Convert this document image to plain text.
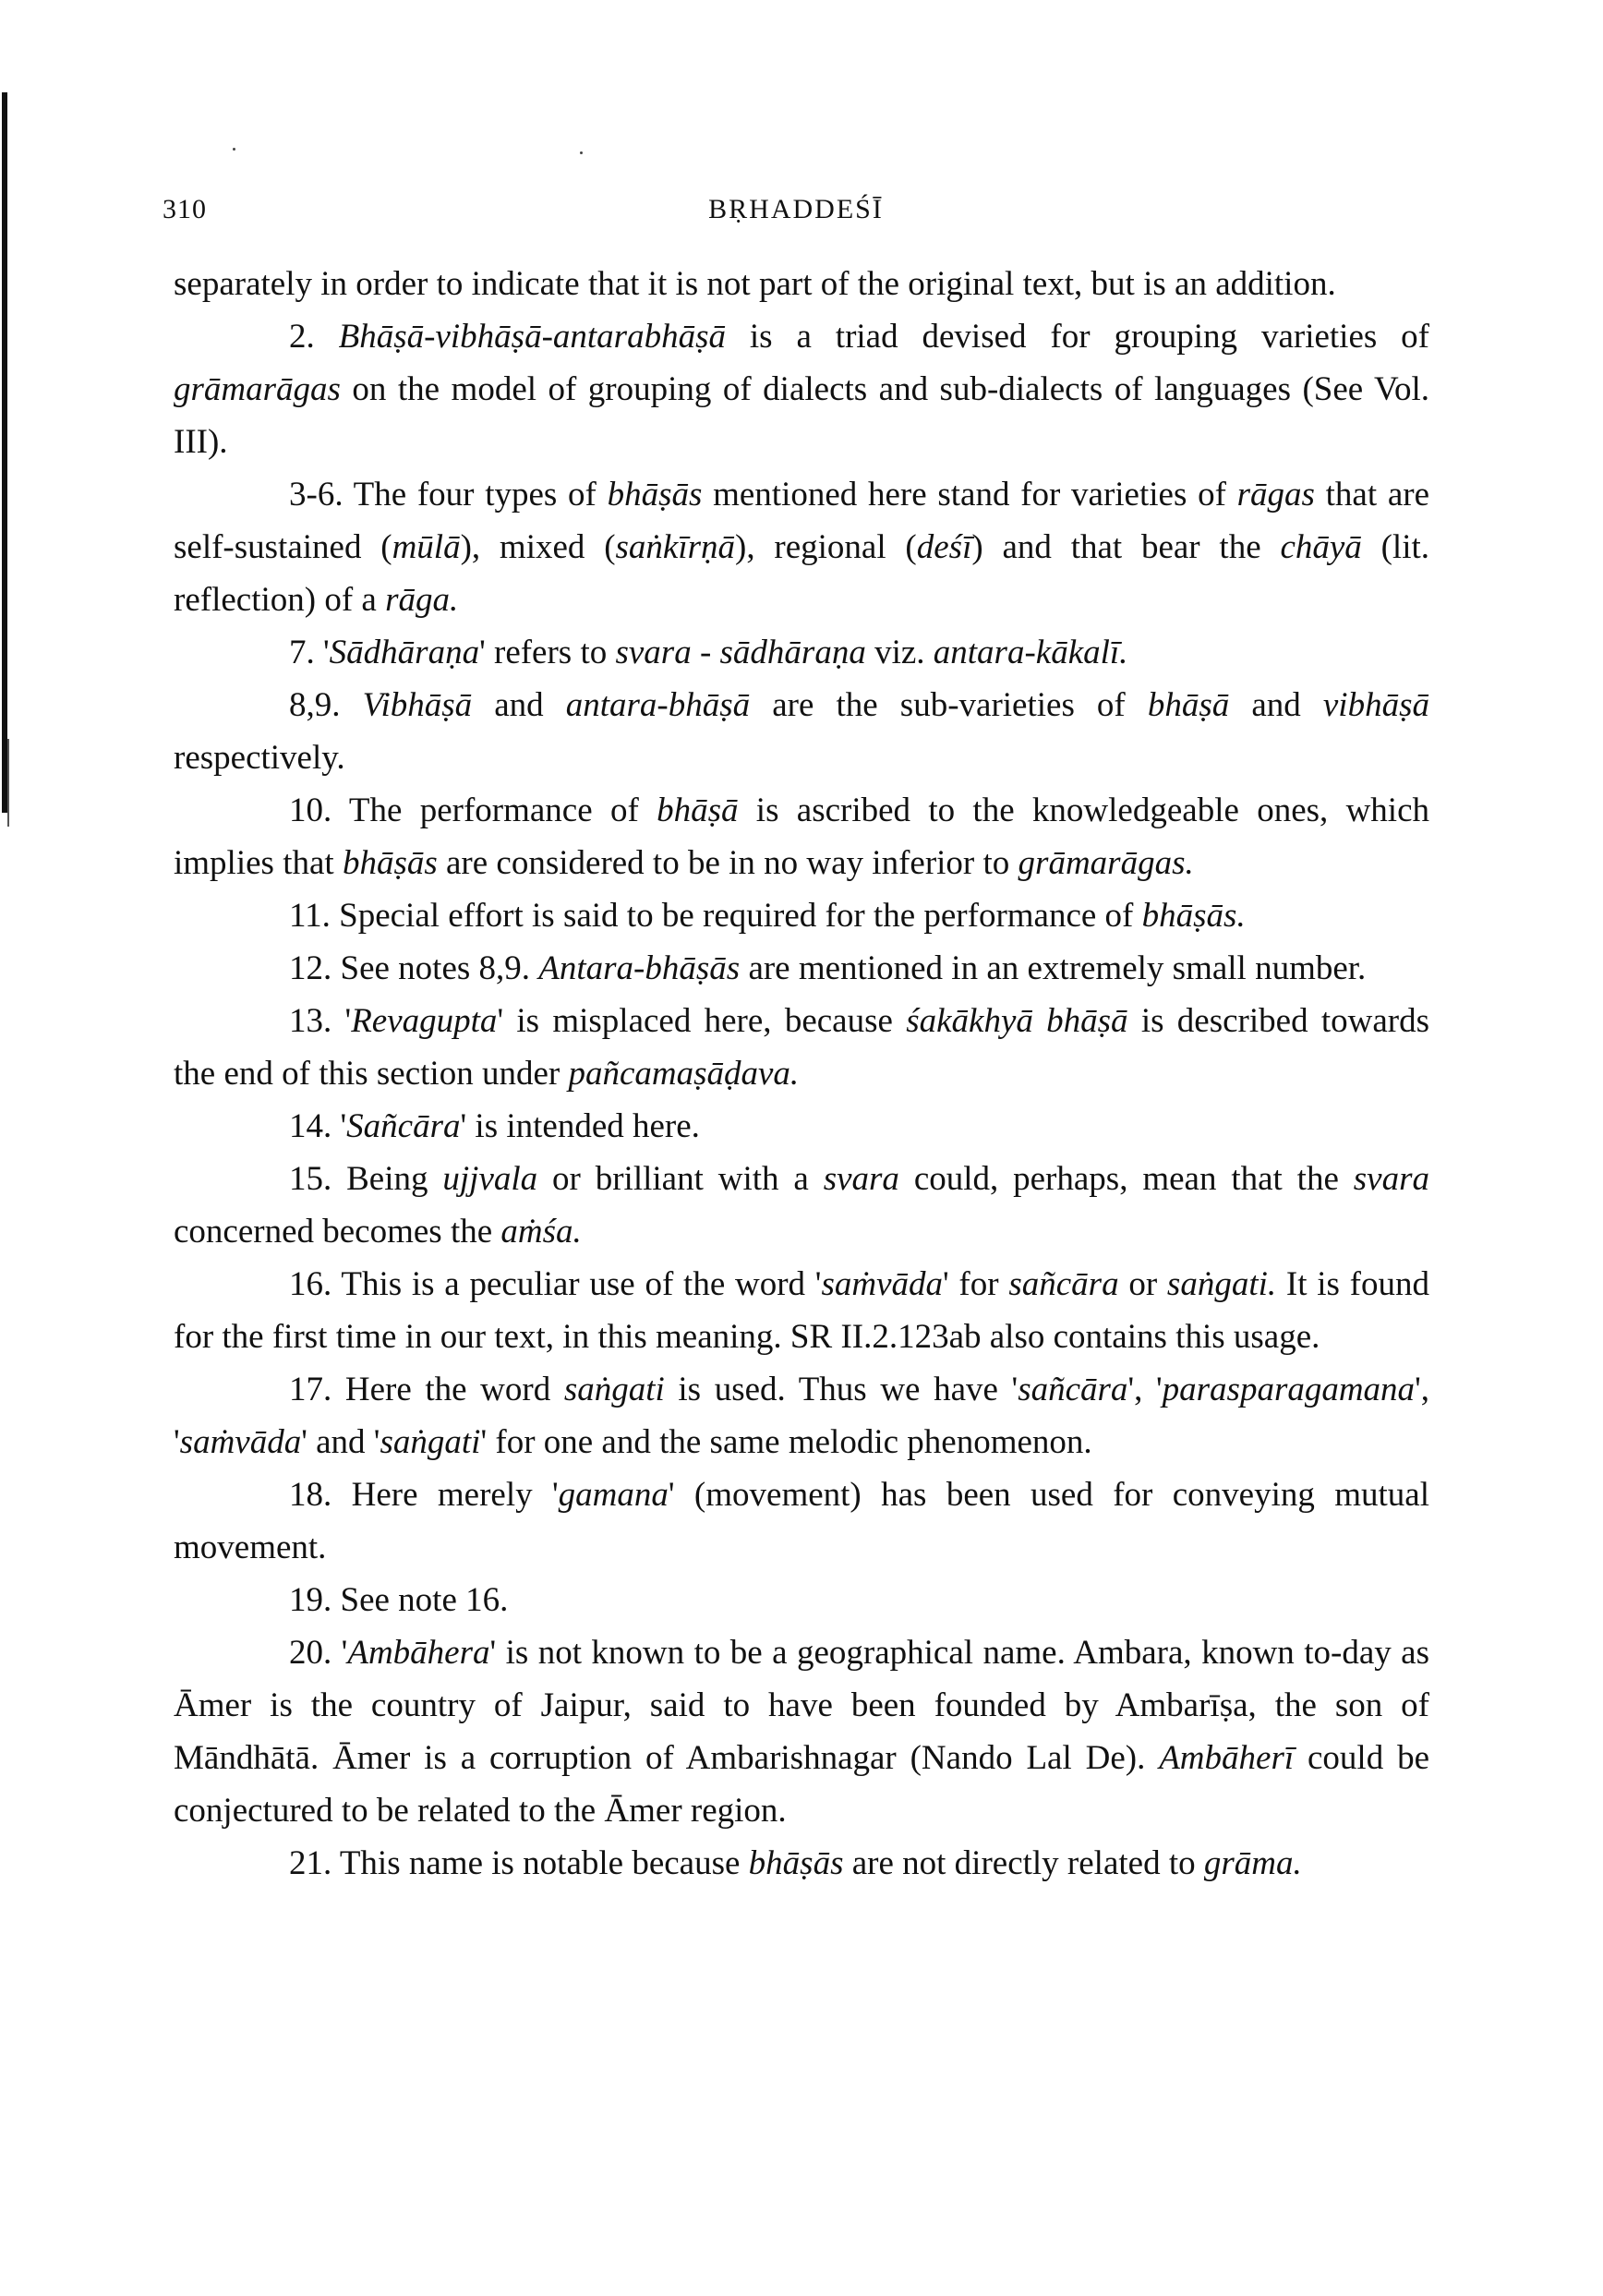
310	BṚHADDEŚĪ

separately in order to indicate that it is not part of the original text, but is an addition.

2. Bhāṣā-vibhāṣā-antarabhāṣā is a triad devised for grouping varieties of grāmarāgas on the model of grouping of dialects and sub-dialects of languages (See Vol. III).

3-6. The four types of bhāṣās mentioned here stand for varieties of rāgas that are self-sustained (mūlā), mixed (saṅkīrṇā), regional (deśī) and that bear the chāyā (lit. reflection) of a rāga.

7. 'Sādhāraṇa' refers to svara - sādhāraṇa viz. antara-kākalī.

8,9. Vibhāṣā and antara-bhāṣā are the sub-varieties of bhāṣā and vibhāṣā respectively.

10. The performance of bhāṣā is ascribed to the knowledgeable ones, which implies that bhāṣās are considered to be in no way inferior to grāmarāgas.

11. Special effort is said to be required for the performance of bhāṣās.

12. See notes 8,9. Antara-bhāṣās are mentioned in an extremely small number.

13. 'Revagupta' is misplaced here, because śakākhyā bhāṣā is described towards the end of this section under pañcamaṣāḍava.

14. 'Sañcāra' is intended here.

15. Being ujjvala or brilliant with a svara could, perhaps, mean that the svara concerned becomes the aṁśa.

16. This is a peculiar use of the word 'saṁvāda' for sañcāra or saṅgati. It is found for the first time in our text, in this meaning. SR II.2.123ab also contains this usage.

17. Here the word saṅgati is used. Thus we have 'sañcāra', 'parasparagamana', 'saṁvāda' and 'saṅgati' for one and the same melodic phenomenon.

18. Here merely 'gamana' (movement) has been used for conveying mutual movement.

19. See note 16.

20. 'Ambāhera' is not known to be a geographical name. Ambara, known to-day as Āmer is the country of Jaipur, said to have been founded by Ambarīṣa, the son of Māndhātā. Āmer is a corruption of Ambarishnagar (Nando Lal De). Ambāherī could be conjectured to be related to the Āmer region.

21. This name is notable because bhāṣās are not directly related to grāma.
